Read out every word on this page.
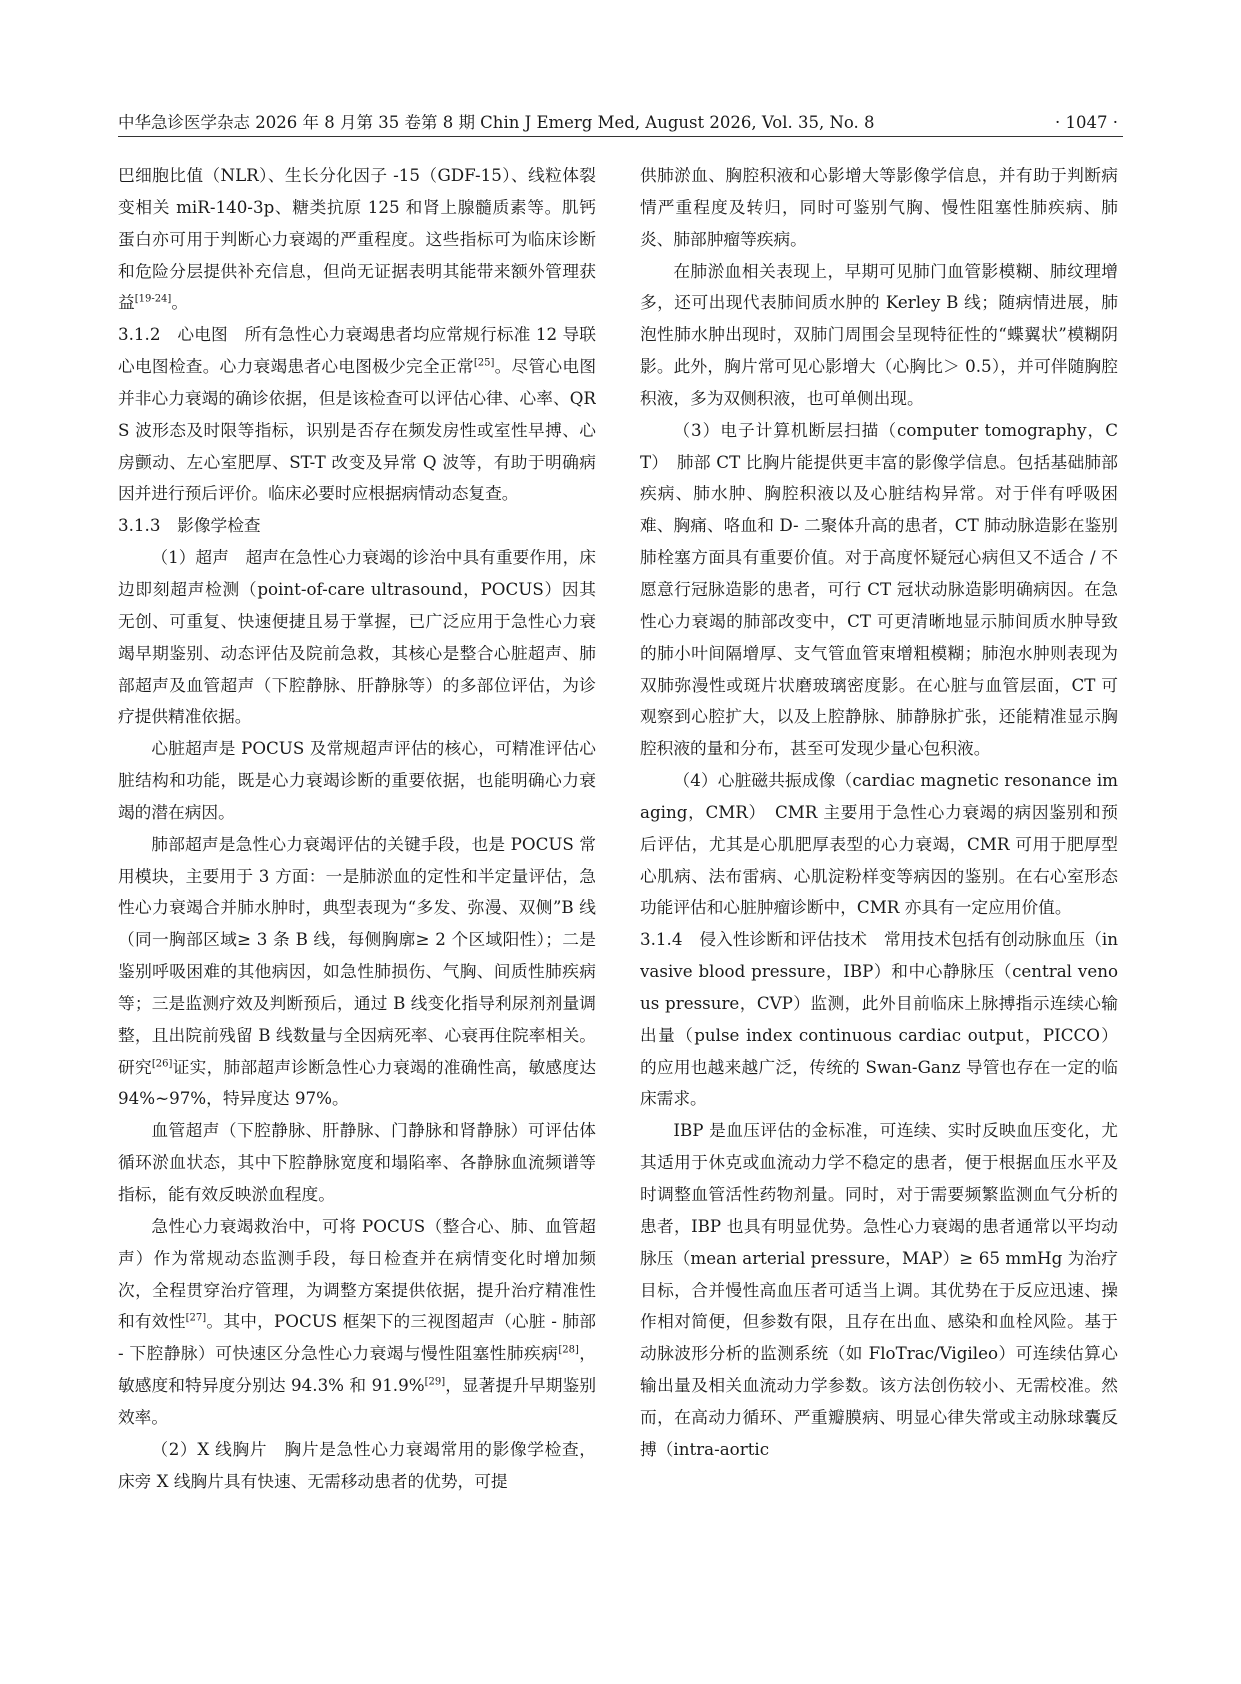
中华急诊医学杂志 2026 年 8 月第 35 卷第 8 期 Chin J Emerg Med, August 2026, Vol. 35, No. 8	· 1047 ·

巴细胞比值（NLR）、生长分化因子 -15（GDF-15）、线粒体裂变相关 miR-140-3p、糖类抗原 125 和肾上腺髓质素等。肌钙蛋白亦可用于判断心力衰竭的严重程度。这些指标可为临床诊断和危险分层提供补充信息，但尚无证据表明其能带来额外管理获益[19-24]。

3.1.2　心电图　所有急性心力衰竭患者均应常规行标准 12 导联心电图检查。心力衰竭患者心电图极少完全正常[25]。尽管心电图并非心力衰竭的确诊依据，但是该检查可以评估心律、心率、QRS 波形态及时限等指标，识别是否存在频发房性或室性早搏、心房颤动、左心室肥厚、ST-T 改变及异常 Q 波等，有助于明确病因并进行预后评价。临床必要时应根据病情动态复查。

3.1.3　影像学检查

（1）超声　超声在急性心力衰竭的诊治中具有重要作用，床边即刻超声检测（point-of-care ultrasound，POCUS）因其无创、可重复、快速便捷且易于掌握，已广泛应用于急性心力衰竭早期鉴别、动态评估及院前急救，其核心是整合心脏超声、肺部超声及血管超声（下腔静脉、肝静脉等）的多部位评估，为诊疗提供精准依据。

心脏超声是 POCUS 及常规超声评估的核心，可精准评估心脏结构和功能，既是心力衰竭诊断的重要依据，也能明确心力衰竭的潜在病因。

肺部超声是急性心力衰竭评估的关键手段，也是 POCUS 常用模块，主要用于 3 方面：一是肺淤血的定性和半定量评估，急性心力衰竭合并肺水肿时，典型表现为“多发、弥漫、双侧”B 线（同一胸部区域≥ 3 条 B 线，每侧胸廓≥ 2 个区域阳性）；二是鉴别呼吸困难的其他病因，如急性肺损伤、气胸、间质性肺疾病等；三是监测疗效及判断预后，通过 B 线变化指导利尿剂剂量调整，且出院前残留 B 线数量与全因病死率、心衰再住院率相关。研究[26]证实，肺部超声诊断急性心力衰竭的准确性高，敏感度达 94%~97%，特异度达 97%。

血管超声（下腔静脉、肝静脉、门静脉和肾静脉）可评估体循环淤血状态，其中下腔静脉宽度和塌陷率、各静脉血流频谱等指标，能有效反映淤血程度。

急性心力衰竭救治中，可将 POCUS（整合心、肺、血管超声）作为常规动态监测手段，每日检查并在病情变化时增加频次，全程贯穿治疗管理，为调整方案提供依据，提升治疗精准性和有效性[27]。其中，POCUS 框架下的三视图超声（心脏 - 肺部 - 下腔静脉）可快速区分急性心力衰竭与慢性阻塞性肺疾病[28]，敏感度和特异度分别达 94.3% 和 91.9%[29]，显著提升早期鉴别效率。

（2）X 线胸片　胸片是急性心力衰竭常用的影像学检查，床旁 X 线胸片具有快速、无需移动患者的优势，可提

供肺淤血、胸腔积液和心影增大等影像学信息，并有助于判断病情严重程度及转归，同时可鉴别气胸、慢性阻塞性肺疾病、肺炎、肺部肿瘤等疾病。

在肺淤血相关表现上，早期可见肺门血管影模糊、肺纹理增多，还可出现代表肺间质水肿的 Kerley B 线；随病情进展，肺泡性肺水肿出现时，双肺门周围会呈现特征性的“蝶翼状”模糊阴影。此外，胸片常可见心影增大（心胸比＞ 0.5），并可伴随胸腔积液，多为双侧积液，也可单侧出现。

（3）电子计算机断层扫描（computer tomography，CT）　肺部 CT 比胸片能提供更丰富的影像学信息。包括基础肺部疾病、肺水肿、胸腔积液以及心脏结构异常。对于伴有呼吸困难、胸痛、咯血和 D- 二聚体升高的患者，CT 肺动脉造影在鉴别肺栓塞方面具有重要价值。对于高度怀疑冠心病但又不适合 / 不愿意行冠脉造影的患者，可行 CT 冠状动脉造影明确病因。在急性心力衰竭的肺部改变中，CT 可更清晰地显示肺间质水肿导致的肺小叶间隔增厚、支气管血管束增粗模糊；肺泡水肿则表现为双肺弥漫性或斑片状磨玻璃密度影。在心脏与血管层面，CT 可观察到心腔扩大，以及上腔静脉、肺静脉扩张，还能精准显示胸腔积液的量和分布，甚至可发现少量心包积液。

（4）心脏磁共振成像（cardiac magnetic resonance imaging，CMR）　CMR 主要用于急性心力衰竭的病因鉴别和预后评估，尤其是心肌肥厚表型的心力衰竭，CMR 可用于肥厚型心肌病、法布雷病、心肌淀粉样变等病因的鉴别。在右心室形态功能评估和心脏肿瘤诊断中，CMR 亦具有一定应用价值。

3.1.4　侵入性诊断和评估技术　常用技术包括有创动脉血压（invasive blood pressure，IBP）和中心静脉压（central venous pressure，CVP）监测，此外目前临床上脉搏指示连续心输出量（pulse index continuous cardiac output，PICCO）的应用也越来越广泛，传统的 Swan-Ganz 导管也存在一定的临床需求。

IBP 是血压评估的金标准，可连续、实时反映血压变化，尤其适用于休克或血流动力学不稳定的患者，便于根据血压水平及时调整血管活性药物剂量。同时，对于需要频繁监测血气分析的患者，IBP 也具有明显优势。急性心力衰竭的患者通常以平均动脉压（mean arterial pressure，MAP）≥ 65 mmHg 为治疗目标，合并慢性高血压者可适当上调。其优势在于反应迅速、操作相对简便，但参数有限，且存在出血、感染和血栓风险。基于动脉波形分析的监测系统（如 FloTrac/Vigileo）可连续估算心输出量及相关血流动力学参数。该方法创伤较小、无需校准。然而，在高动力循环、严重瓣膜病、明显心律失常或主动脉球囊反搏（intra-aortic
